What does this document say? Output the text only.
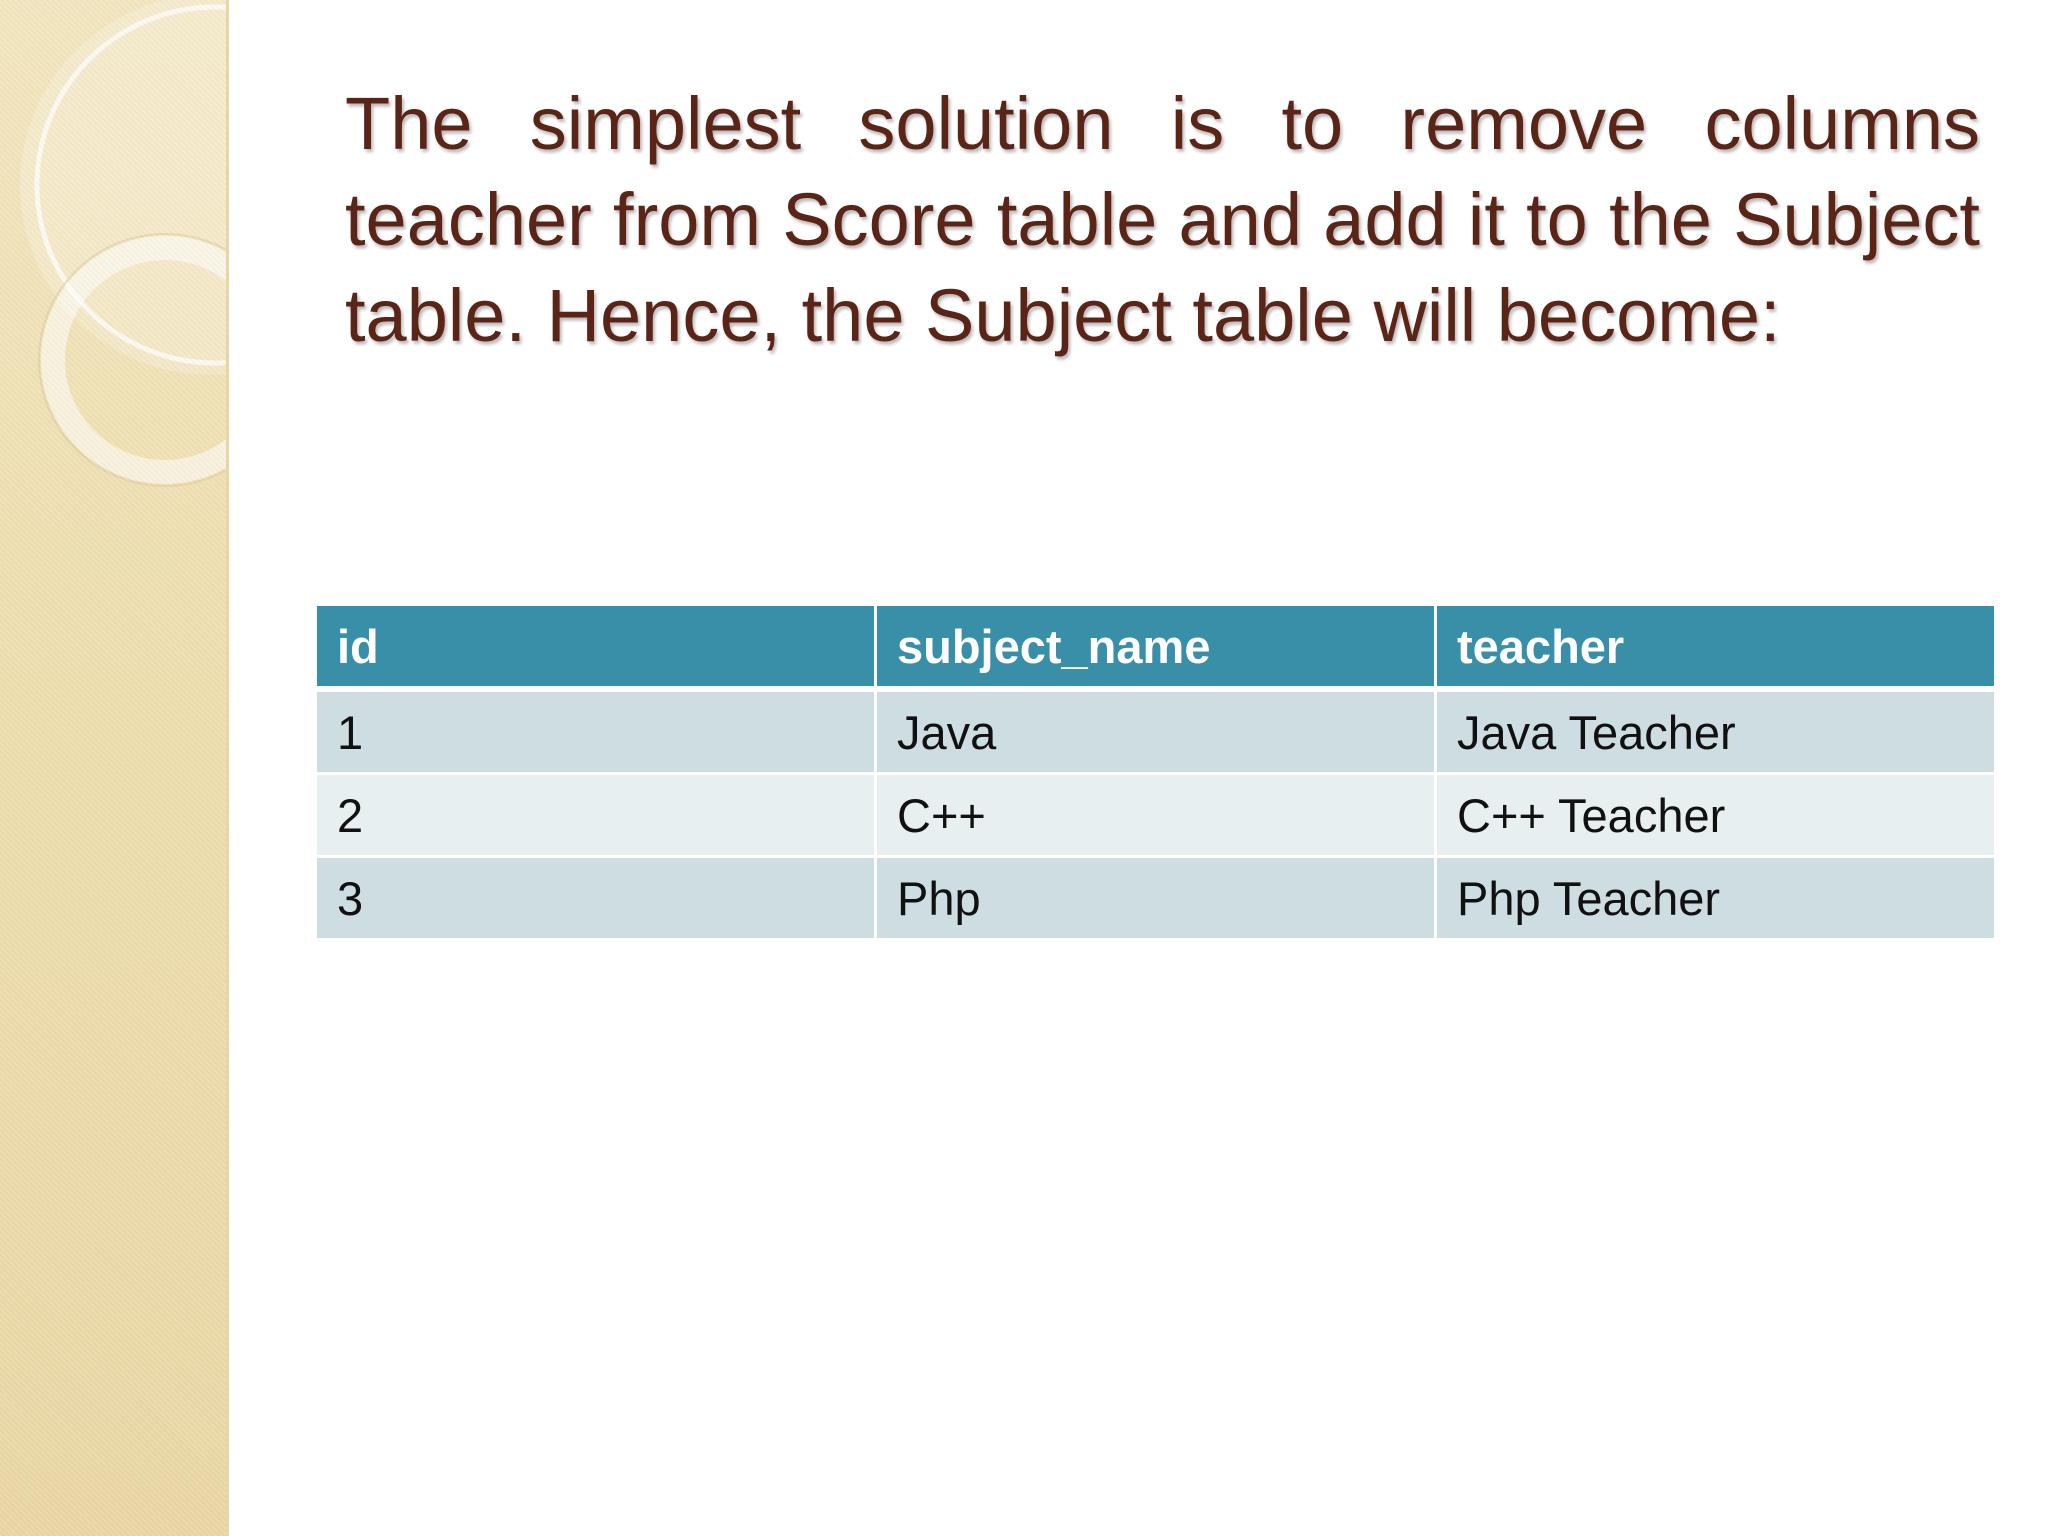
The simplest solution is to remove columns teacher from Score table and add it to the Subject table. Hence, the Subject table will become:

id	subject_name	teacher
1	Java	Java Teacher
2	C++	C++ Teacher
3	Php	Php Teacher
